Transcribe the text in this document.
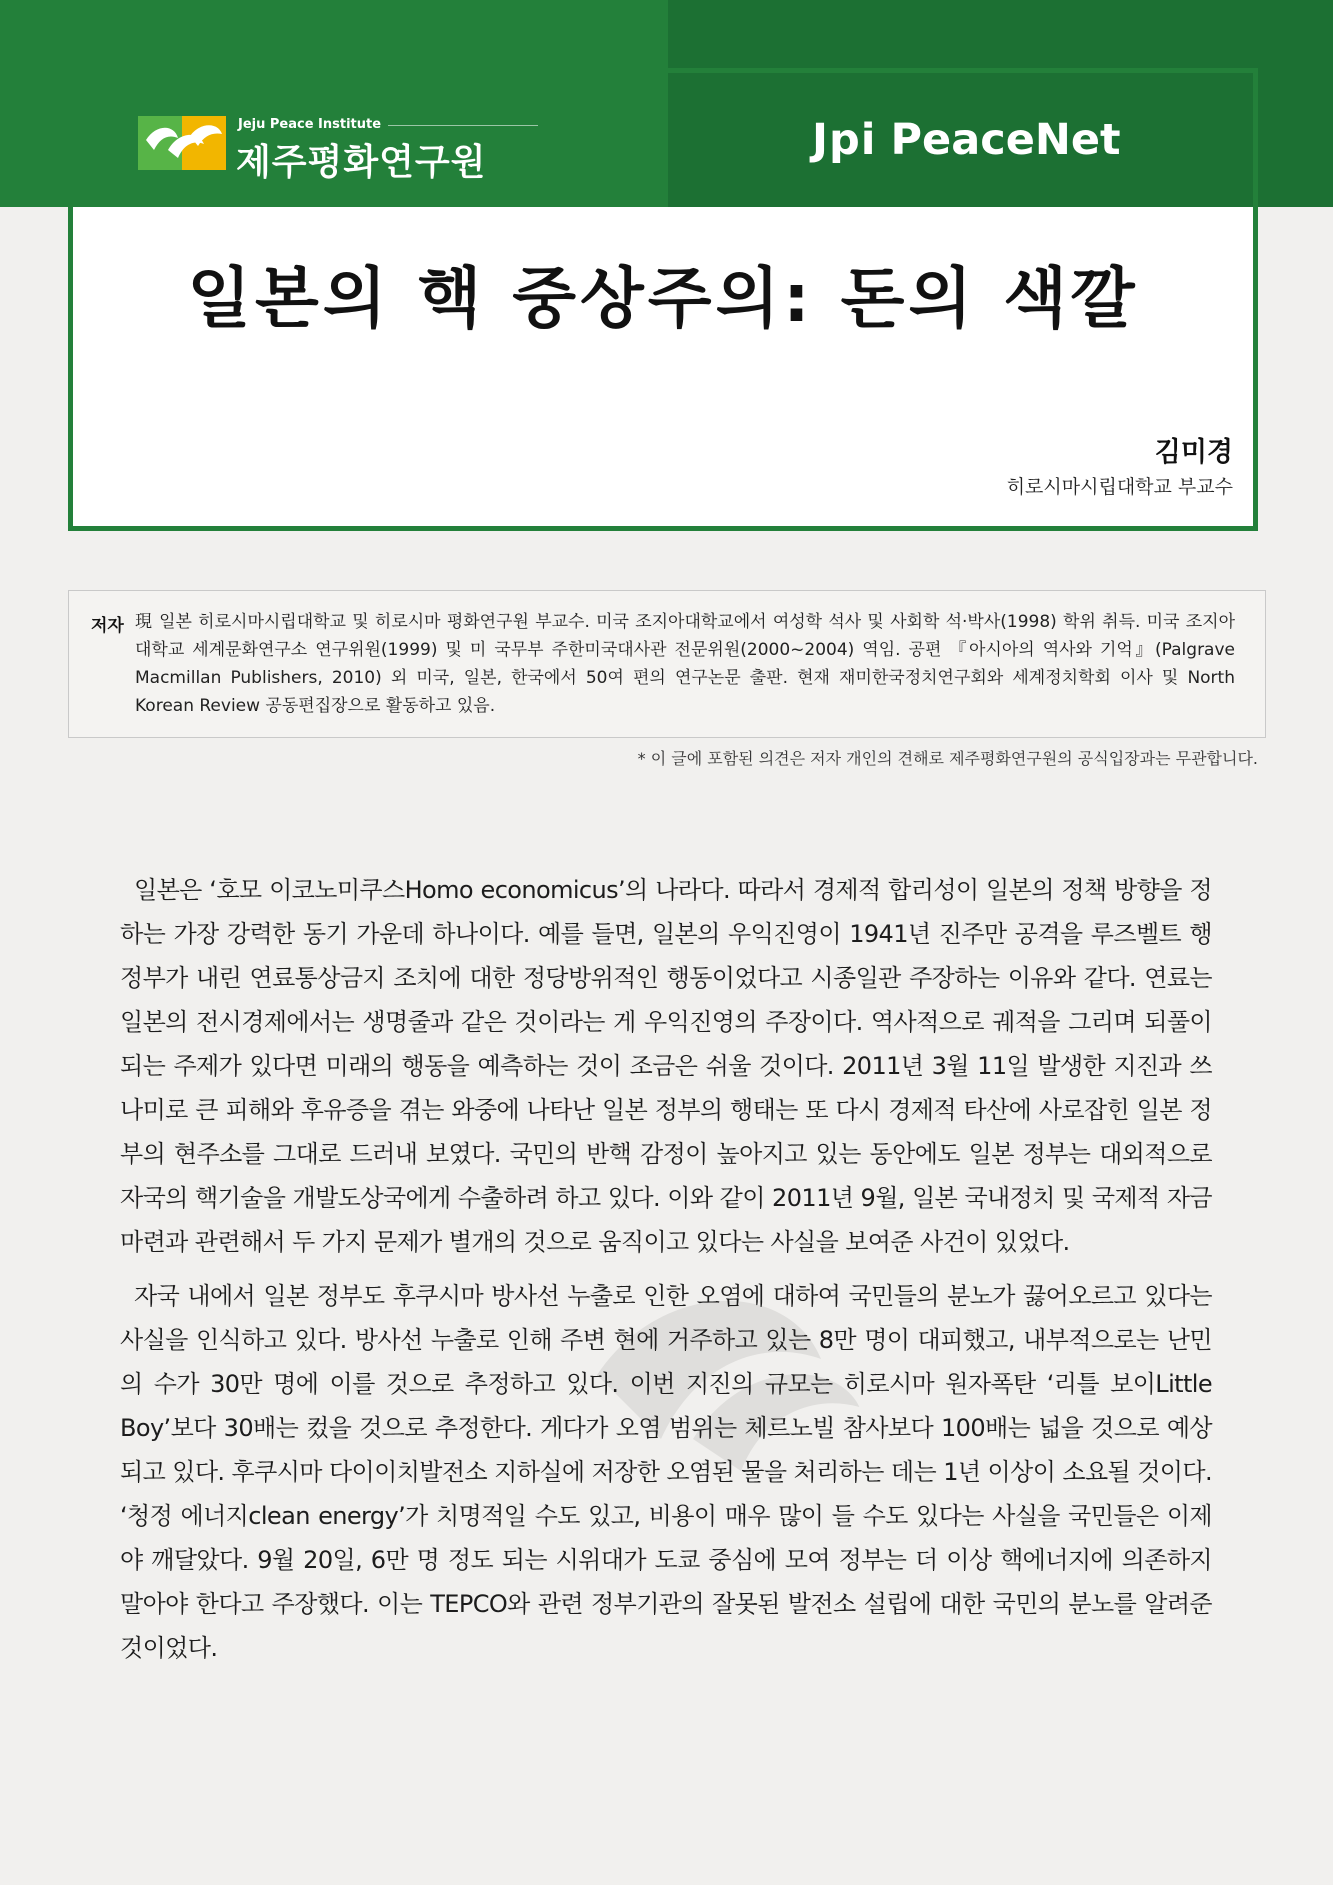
Jeju Peace Institute
제주평화연구원	Jpi PeaceNet
일본의 핵 중상주의: 돈의 색깔
김미경
히로시마시립대학교 부교수
저자 現 일본 히로시마시립대학교 및 히로시마 평화연구원 부교수. 미국 조지아대학교에서 여성학 석사 및 사회학 석·박사(1998) 학위 취득. 미국 조지아대학교 세계문화연구소 연구위원(1999) 및 미 국무부 주한미국대사관 전문위원(2000~2004) 역임. 공편 『아시아의 역사와 기억』(Palgrave Macmillan Publishers, 2010) 외 미국, 일본, 한국에서 50여 편의 연구논문 출판. 현재 재미한국정치연구회와 세계정치학회 이사 및 North Korean Review 공동편집장으로 활동하고 있음.
* 이 글에 포함된 의견은 저자 개인의 견해로 제주평화연구원의 공식입장과는 무관합니다.

일본은 ‘호모 이코노미쿠스Homo economicus’의 나라다. 따라서 경제적 합리성이 일본의 정책 방향을 정하는 가장 강력한 동기 가운데 하나이다. 예를 들면, 일본의 우익진영이 1941년 진주만 공격을 루즈벨트 행정부가 내린 연료통상금지 조치에 대한 정당방위적인 행동이었다고 시종일관 주장하는 이유와 같다. 연료는 일본의 전시경제에서는 생명줄과 같은 것이라는 게 우익진영의 주장이다. 역사적으로 궤적을 그리며 되풀이되는 주제가 있다면 미래의 행동을 예측하는 것이 조금은 쉬울 것이다. 2011년 3월 11일 발생한 지진과 쓰나미로 큰 피해와 후유증을 겪는 와중에 나타난 일본 정부의 행태는 또 다시 경제적 타산에 사로잡힌 일본 정부의 현주소를 그대로 드러내 보였다. 국민의 반핵 감정이 높아지고 있는 동안에도 일본 정부는 대외적으로 자국의 핵기술을 개발도상국에게 수출하려 하고 있다. 이와 같이 2011년 9월, 일본 국내정치 및 국제적 자금 마련과 관련해서 두 가지 문제가 별개의 것으로 움직이고 있다는 사실을 보여준 사건이 있었다.

자국 내에서 일본 정부도 후쿠시마 방사선 누출로 인한 오염에 대하여 국민들의 분노가 끓어오르고 있다는 사실을 인식하고 있다. 방사선 누출로 인해 주변 현에 거주하고 있는 8만 명이 대피했고, 내부적으로는 난민의 수가 30만 명에 이를 것으로 추정하고 있다. 이번 지진의 규모는 히로시마 원자폭탄 ‘리틀 보이Little Boy’보다 30배는 컸을 것으로 추정한다. 게다가 오염 범위는 체르노빌 참사보다 100배는 넓을 것으로 예상되고 있다. 후쿠시마 다이이치발전소 지하실에 저장한 오염된 물을 처리하는 데는 1년 이상이 소요될 것이다. ‘청정 에너지clean energy’가 치명적일 수도 있고, 비용이 매우 많이 들 수도 있다는 사실을 국민들은 이제야 깨달았다. 9월 20일, 6만 명 정도 되는 시위대가 도쿄 중심에 모여 정부는 더 이상 핵에너지에 의존하지 말아야 한다고 주장했다. 이는 TEPCO와 관련 정부기관의 잘못된 발전소 설립에 대한 국민의 분노를 알려준 것이었다.
